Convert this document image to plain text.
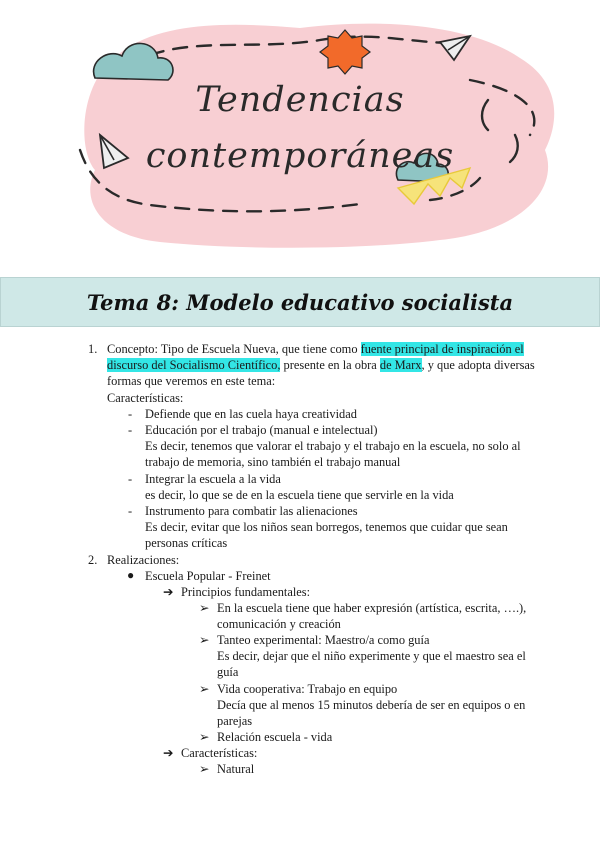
Tendencias
contemporáneas
Tema 8: Modelo educativo socialista
1. Concepto: Tipo de Escuela Nueva, que tiene como fuente principal de inspiración el
discurso del Socialismo Científico, presente en la obra de Marx, y que adopta diversas
formas que veremos en este tema:
Características:
- Defiende que en las cuela haya creatividad
- Educación por el trabajo (manual e intelectual)
Es decir, tenemos que valorar el trabajo y el trabajo en la escuela, no solo al
trabajo de memoria, sino también el trabajo manual
- Integrar la escuela a la vida
es decir, lo que se de en la escuela tiene que servirle en la vida
- Instrumento para combatir las alienaciones
Es decir, evitar que los niños sean borregos, tenemos que cuidar que sean
personas críticas
2. Realizaciones:
● Escuela Popular - Freinet
➔ Principios fundamentales:
➢ En la escuela tiene que haber expresión (artística, escrita, ….),
comunicación y creación
➢ Tanteo experimental: Maestro/a como guía
Es decir, dejar que el niño experimente y que el maestro sea el
guía
➢ Vida cooperativa: Trabajo en equipo
Decía que al menos 15 minutos debería de ser en equipos o en
parejas
➢ Relación escuela - vida
➔ Características:
➢ Natural
